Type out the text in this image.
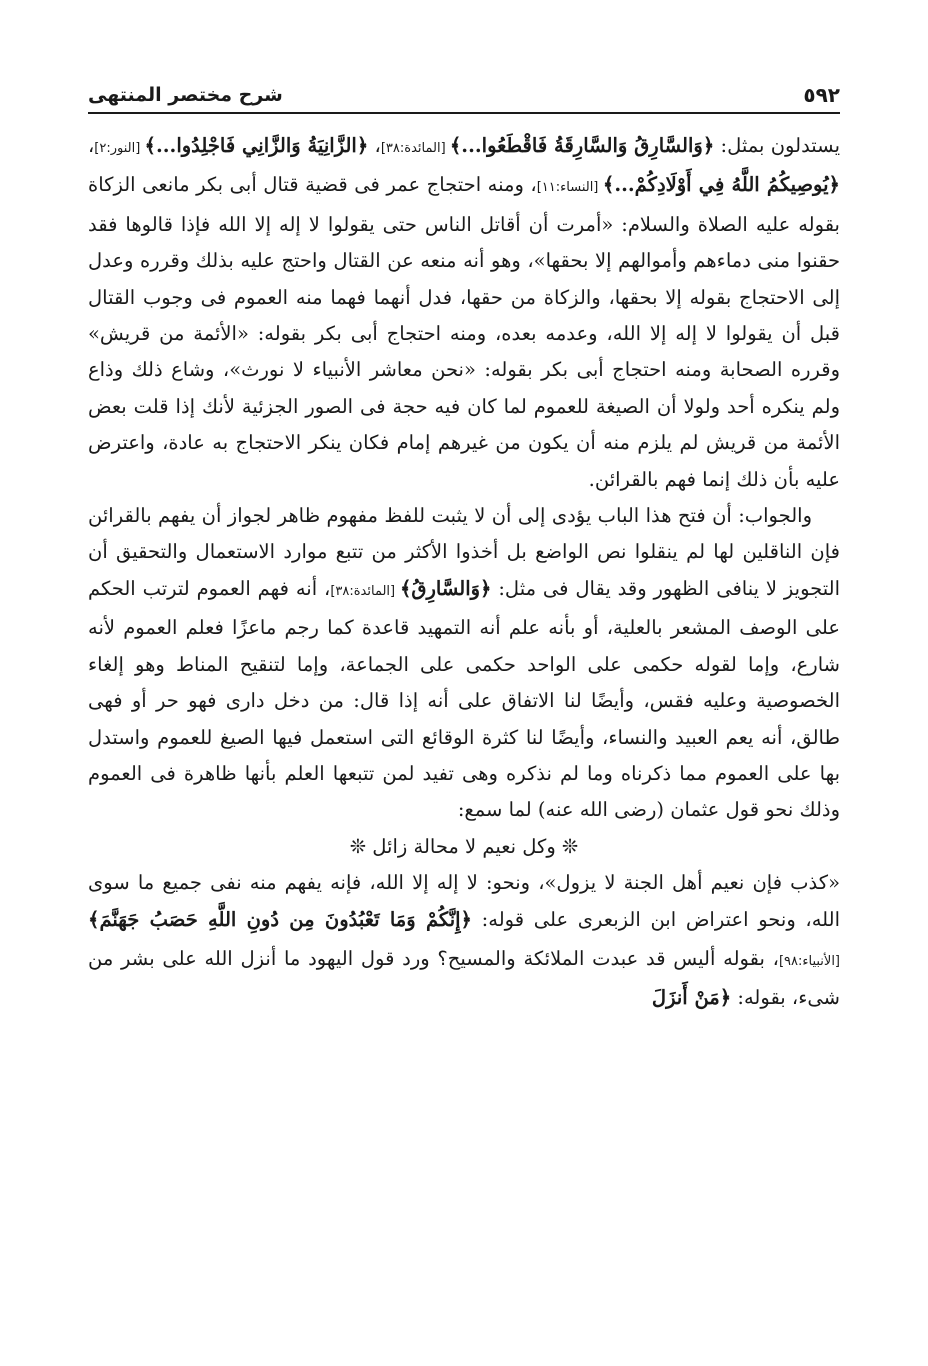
٥٩٢
شرح مختصر المنتهى

يستدلون بمثل: ﴿وَالسَّارِقُ وَالسَّارِقَةُ فَاقْطَعُوا...﴾ [المائدة:٣٨]، ﴿الزَّانِيَةُ وَالزَّانِي فَاجْلِدُوا...﴾ [النور:٢]، ﴿يُوصِيكُمُ اللَّهُ فِي أَوْلَادِكُمْ...﴾ [النساء:١١]، ومنه احتجاج عمر فى قضية قتال أبى بكر مانعى الزكاة بقوله عليه الصلاة والسلام: «أمرت أن أقاتل الناس حتى يقولوا لا إله إلا الله فإذا قالوها فقد حقنوا منى دماءهم وأموالهم إلا بحقها»، وهو أنه منعه عن القتال واحتج عليه بذلك وقرره وعدل إلى الاحتجاج بقوله إلا بحقها، والزكاة من حقها، فدل أنهما فهما منه العموم فى وجوب القتال قبل أن يقولوا لا إله إلا الله، وعدمه بعده، ومنه احتجاج أبى بكر بقوله: «الأئمة من قريش» وقرره الصحابة ومنه احتجاج أبى بكر بقوله: «نحن معاشر الأنبياء لا نورث»، وشاع ذلك وذاع ولم ينكره أحد ولولا أن الصيغة للعموم لما كان فيه حجة فى الصور الجزئية لأنك إذا قلت بعض الأئمة من قريش لم يلزم منه أن يكون من غيرهم إمام فكان ينكر الاحتجاج به عادة، واعترض عليه بأن ذلك إنما فهم بالقرائن.

والجواب: أن فتح هذا الباب يؤدى إلى أن لا يثبت للفظ مفهوم ظاهر لجواز أن يفهم بالقرائن فإن الناقلين لها لم ينقلوا نص الواضع بل أخذوا الأكثر من تتبع موارد الاستعمال والتحقيق أن التجويز لا ينافى الظهور وقد يقال فى مثل: ﴿وَالسَّارِقُ﴾ [المائدة:٣٨]، أنه فهم العموم لترتب الحكم على الوصف المشعر بالعلية، أو بأنه علم أنه التمهيد قاعدة كما رجم ماعزًا فعلم العموم لأنه شارع، وإما لقوله حكمى على الواحد حكمى على الجماعة، وإما لتنقيح المناط وهو إلغاء الخصوصية وعليه فقس، وأيضًا لنا الاتفاق على أنه إذا قال: من دخل دارى فهو حر أو فهى طالق، أنه يعم العبيد والنساء، وأيضًا لنا كثرة الوقائع التى استعمل فيها الصيغ للعموم واستدل بها على العموم مما ذكرناه وما لم نذكره وهى تفيد لمن تتبعها العلم بأنها ظاهرة فى العموم وذلك نحو قول عثمان (رضى الله عنه) لما سمع:

❊ وكل نعيم لا محالة زائل ❊

«كذب فإن نعيم أهل الجنة لا يزول»، ونحو: لا إله إلا الله، فإنه يفهم منه نفى جميع ما سوى الله، ونحو اعتراض ابن الزبعرى على قوله: ﴿إِنَّكُمْ وَمَا تَعْبُدُونَ مِن دُونِ اللَّهِ حَصَبُ جَهَنَّمَ﴾ [الأنبياء:٩٨]، بقوله أليس قد عبدت الملائكة والمسيح؟ ورد قول اليهود ما أنزل الله على بشر من شىء، بقوله: ﴿مَنْ أَنزَلَ
